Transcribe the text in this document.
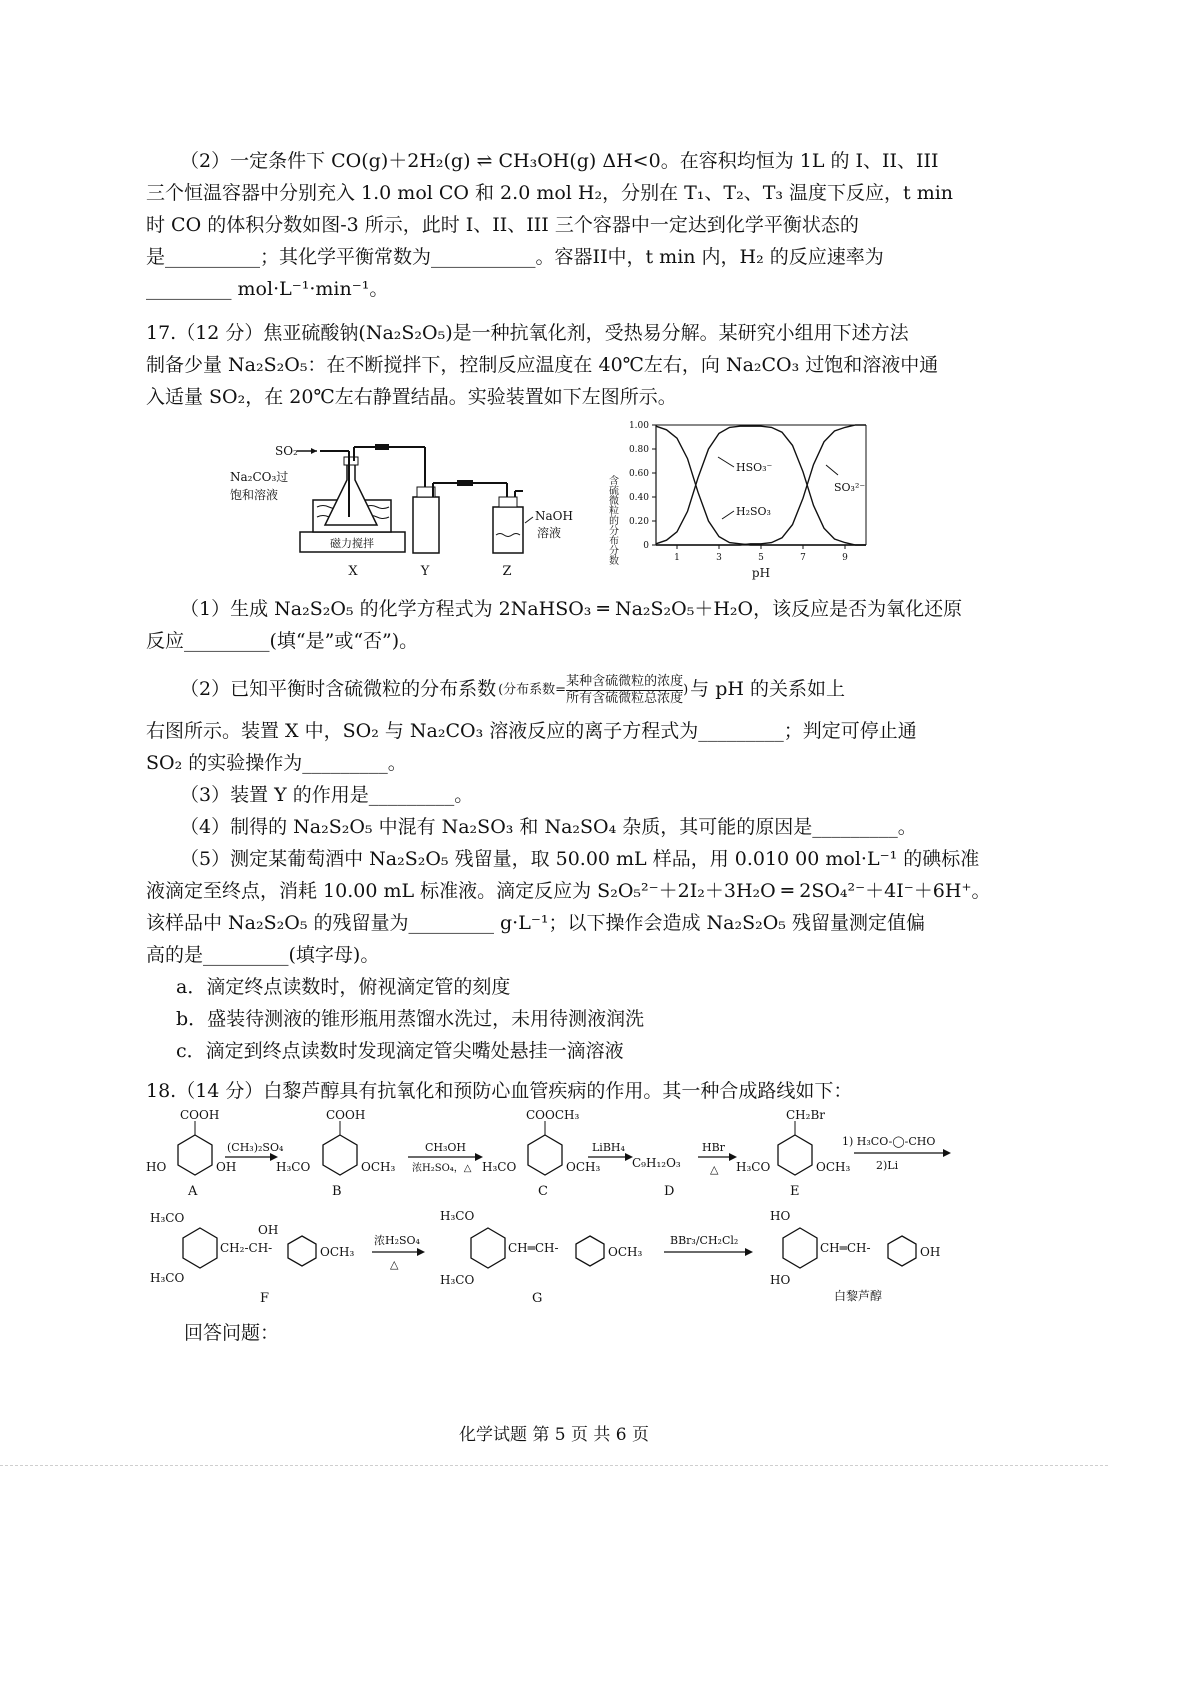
（2）一定条件下 CO(g)＋2H₂(g) ⇌ CH₃OH(g) ΔH<0。在容积均恒为 1L 的 I、II、III
三个恒温容器中分别充入 1.0 mol CO 和 2.0 mol H₂，分别在 T₁、T₂、T₃ 温度下反应，t min
时 CO 的体积分数如图-3 所示，此时 I、II、III 三个容器中一定达到化学平衡状态的
是__________；其化学平衡常数为___________。容器II中，t min 内，H₂ 的反应速率为
_________ mol·L⁻¹·min⁻¹。
17.（12 分）焦亚硫酸钠(Na₂S₂O₅)是一种抗氧化剂，受热易分解。某研究小组用下述方法
制备少量 Na₂S₂O₅：在不断搅拌下，控制反应温度在 40℃左右，向 Na₂CO₃ 过饱和溶液中通
入适量 SO₂，在 20℃左右静置结晶。实验装置如下左图所示。
SO₂
Na₂CO₃过
饱和溶液
磁力搅拌
NaOH
溶液
X	Y	Z
含硫微粒的分布分数	0
0.20
0.40
0.60
0.80
1.00
1	3	5	7	9
HSO₃⁻
H₂SO₃
SO₃²⁻
pH
（1）生成 Na₂S₂O₅ 的化学方程式为 2NaHSO₃ ═ Na₂S₂O₅＋H₂O，该反应是否为氧化还原
反应_________(填“是”或“否”)。
（2）已知平衡时含硫微粒的分布系数 (分布系数=
某种含硫微粒的浓度
所有含硫微粒总浓度
) 与 pH 的关系如上
右图所示。装置 X 中，SO₂ 与 Na₂CO₃ 溶液反应的离子方程式为_________；判定可停止通
SO₂ 的实验操作为_________。
（3）装置 Y 的作用是_________。
（4）制得的 Na₂S₂O₅ 中混有 Na₂SO₃ 和 Na₂SO₄ 杂质，其可能的原因是_________。
（5）测定某葡萄酒中 Na₂S₂O₅ 残留量，取 50.00 mL 样品，用 0.010 00 mol·L⁻¹ 的碘标准
液滴定至终点，消耗 10.00 mL 标准液。滴定反应为 S₂O₅²⁻＋2I₂＋3H₂O ═ 2SO₄²⁻＋4I⁻＋6H⁺。
该样品中 Na₂S₂O₅ 的残留量为_________ g·L⁻¹；以下操作会造成 Na₂S₂O₅ 残留量测定值偏
高的是_________(填字母)。
a．滴定终点读数时，俯视滴定管的刻度
b．盛装待测液的锥形瓶用蒸馏水洗过，未用待测液润洗
c．滴定到终点读数时发现滴定管尖嘴处悬挂一滴溶液
18.（14 分）白黎芦醇具有抗氧化和预防心血管疾病的作用。其一种合成路线如下：
COOH
HO	OH
A
(CH₃)₂SO₄
COOH
H₃CO	OCH₃
B
CH₃OH
浓H₂SO₄，△
COOCH₃
H₃CO	OCH₃
C
LiBH₄
C₉H₁₂O₃
D
HBr
△
CH₂Br
H₃CO	OCH₃
E
1) H₃CO-◯-CHO
2)Li
H₃CO
H₃CO
CH₂-CH-
OH
OCH₃
F
浓H₂SO₄
△
H₃CO
H₃CO
CH═CH-	OCH₃
G
BBr₃/CH₂Cl₂
HO
HO
CH═CH-	OH
白黎芦醇
回答问题：
化学试题 第 5 页 共 6 页
